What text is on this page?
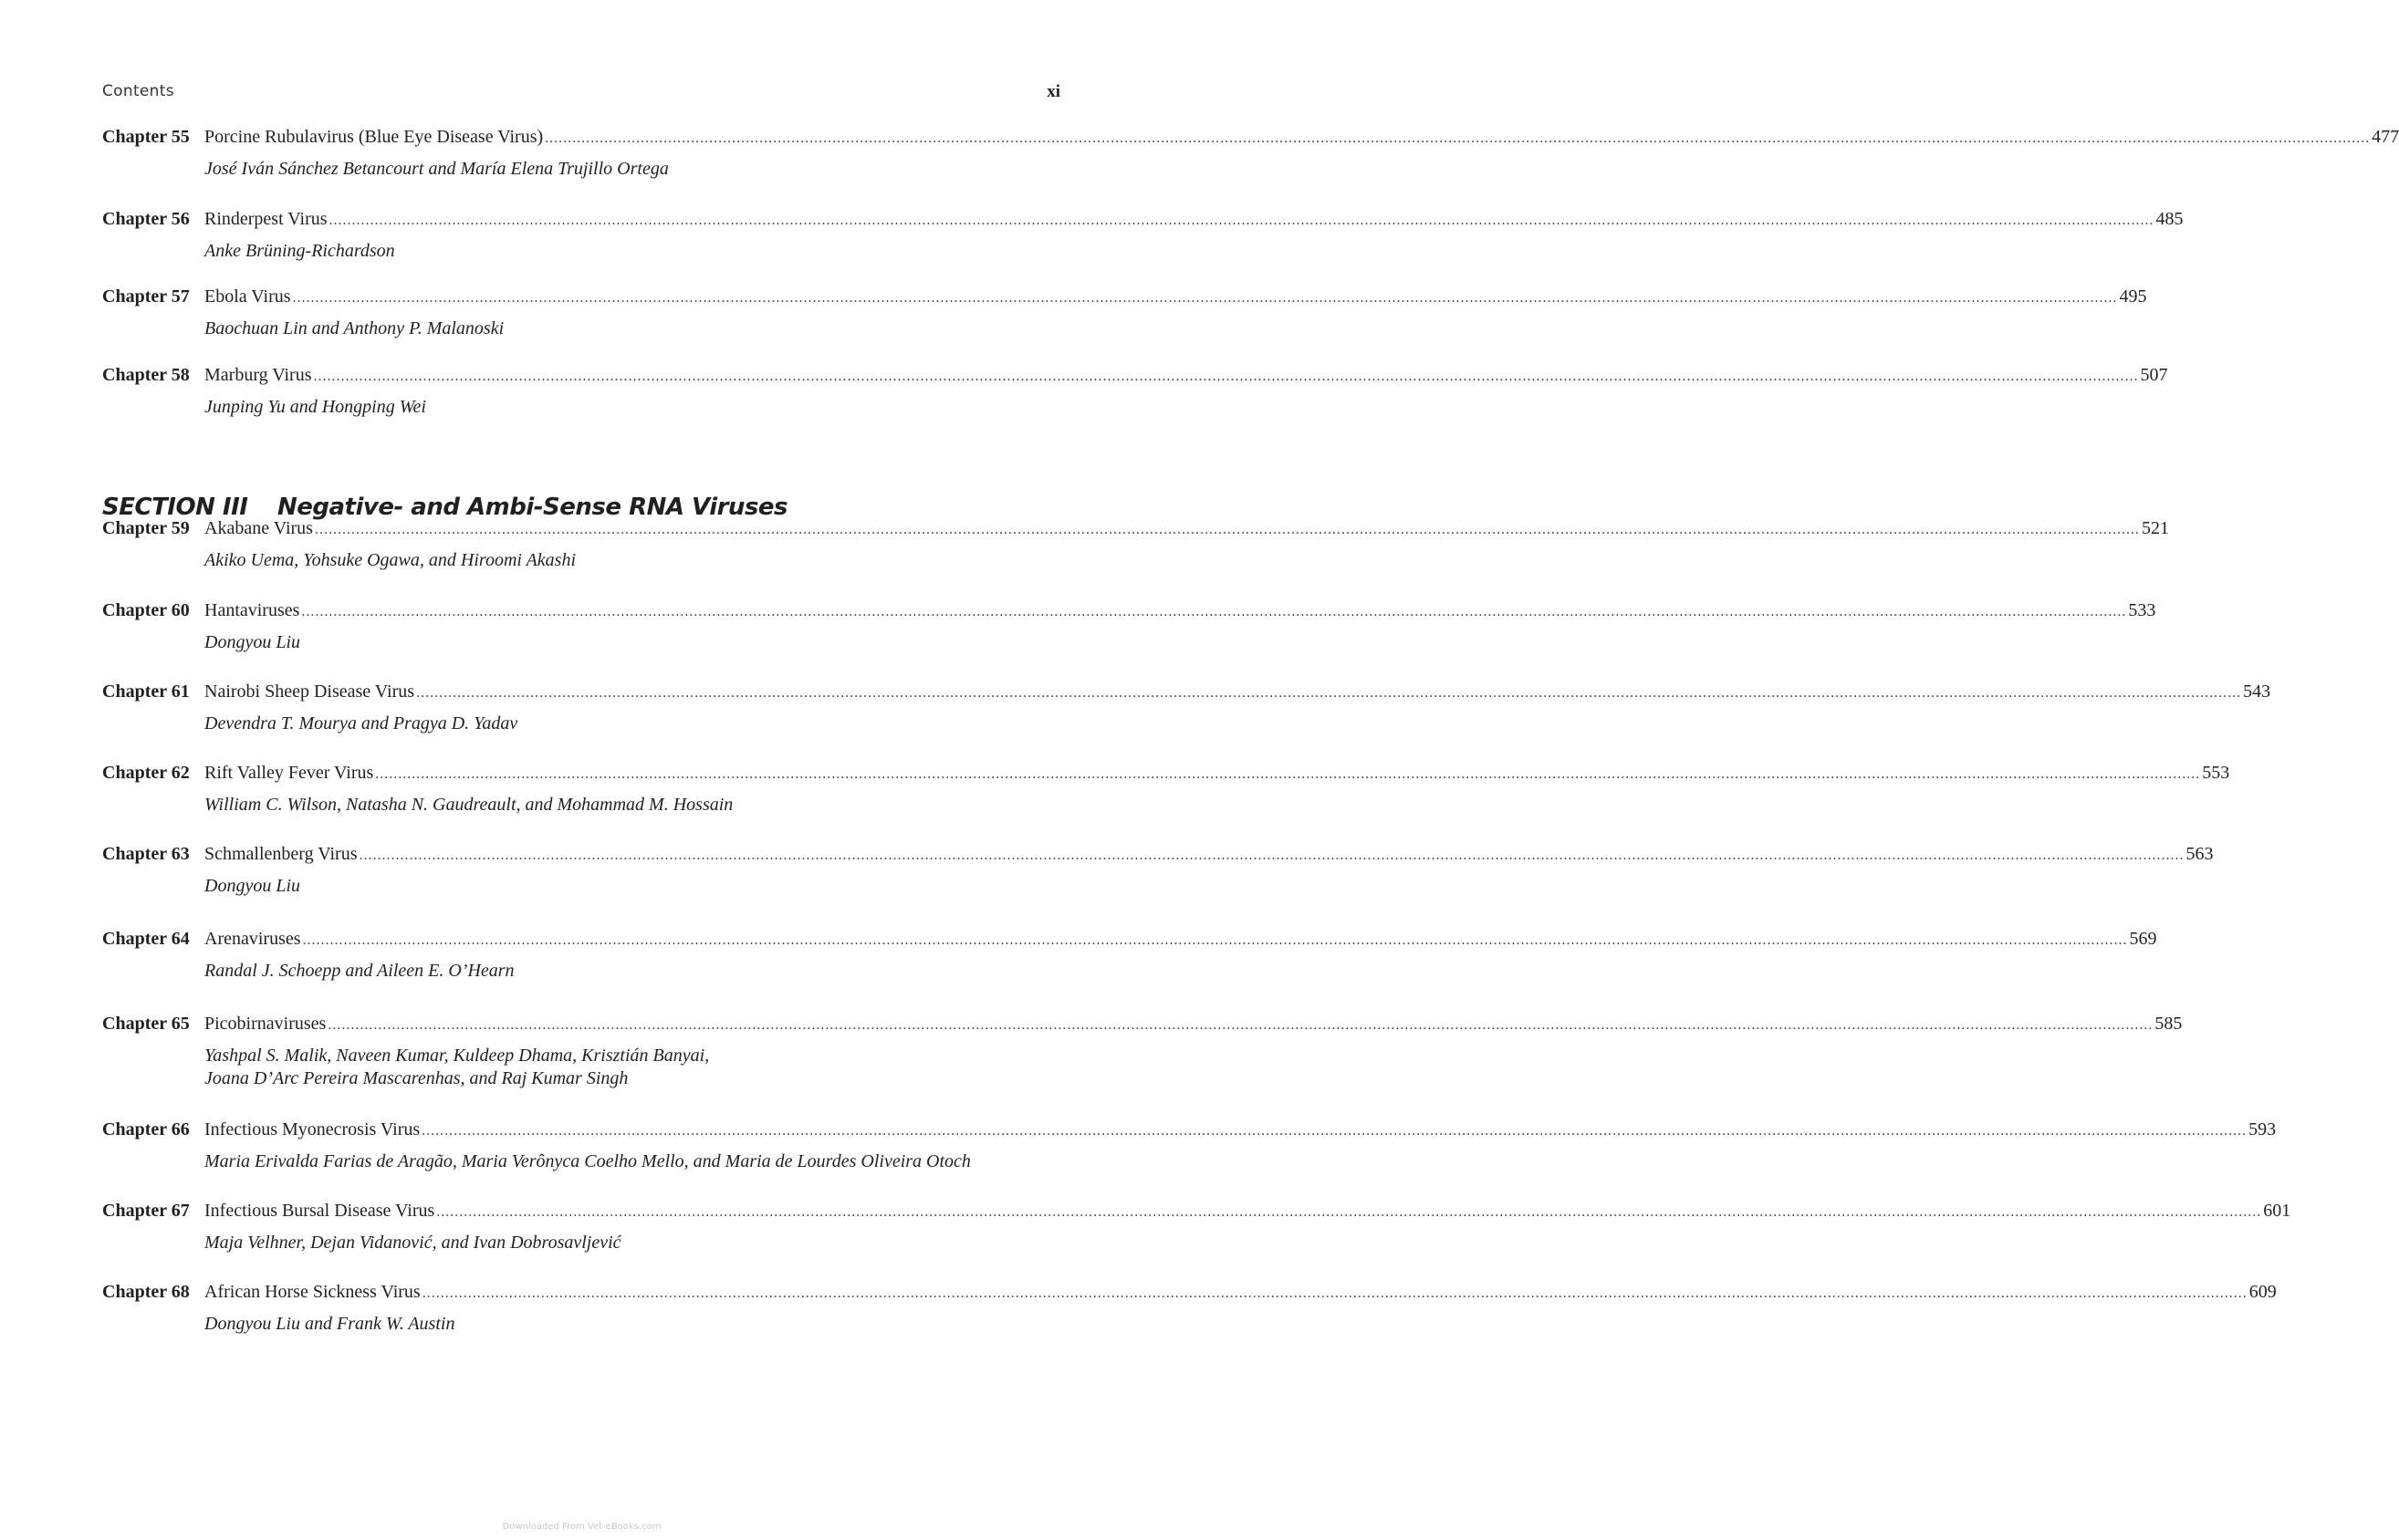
Contents	xi
Chapter 55 Porcine Rubulavirus (Blue Eye Disease Virus) ................................................................................................................................................................................................................................................................................................................................................................................................................ 477
José Iván Sánchez Betancourt and María Elena Trujillo Ortega
Chapter 56 Rinderpest Virus ................................................................................................................................................................................................................................................................................................................................................................................................................ 485
Anke Brüning-Richardson
Chapter 57 Ebola Virus ................................................................................................................................................................................................................................................................................................................................................................................................................ 495
Baochuan Lin and Anthony P. Malanoski
Chapter 58 Marburg Virus ................................................................................................................................................................................................................................................................................................................................................................................................................ 507
Junping Yu and Hongping Wei
SECTION III Negative- and Ambi-Sense RNA Viruses
Chapter 59 Akabane Virus ................................................................................................................................................................................................................................................................................................................................................................................................................ 521
Akiko Uema, Yohsuke Ogawa, and Hiroomi Akashi
Chapter 60 Hantaviruses ................................................................................................................................................................................................................................................................................................................................................................................................................ 533
Dongyou Liu
Chapter 61 Nairobi Sheep Disease Virus ................................................................................................................................................................................................................................................................................................................................................................................................................ 543
Devendra T. Mourya and Pragya D. Yadav
Chapter 62 Rift Valley Fever Virus ................................................................................................................................................................................................................................................................................................................................................................................................................ 553
William C. Wilson, Natasha N. Gaudreault, and Mohammad M. Hossain
Chapter 63 Schmallenberg Virus ................................................................................................................................................................................................................................................................................................................................................................................................................ 563
Dongyou Liu
Chapter 64 Arenaviruses ................................................................................................................................................................................................................................................................................................................................................................................................................ 569
Randal J. Schoepp and Aileen E. O’Hearn
Chapter 65 Picobirnaviruses ................................................................................................................................................................................................................................................................................................................................................................................................................ 585
Yashpal S. Malik, Naveen Kumar, Kuldeep Dhama, Krisztián Banyai,
Joana D’Arc Pereira Mascarenhas, and Raj Kumar Singh
Chapter 66 Infectious Myonecrosis Virus ................................................................................................................................................................................................................................................................................................................................................................................................................ 593
Maria Erivalda Farias de Aragão, Maria Verônyca Coelho Mello, and Maria de Lourdes Oliveira Otoch
Chapter 67 Infectious Bursal Disease Virus ................................................................................................................................................................................................................................................................................................................................................................................................................ 601
Maja Velhner, Dejan Vidanović, and Ivan Dobrosavljević
Chapter 68 African Horse Sickness Virus ................................................................................................................................................................................................................................................................................................................................................................................................................ 609
Dongyou Liu and Frank W. Austin
Downloaded From Vet-eBooks.com
